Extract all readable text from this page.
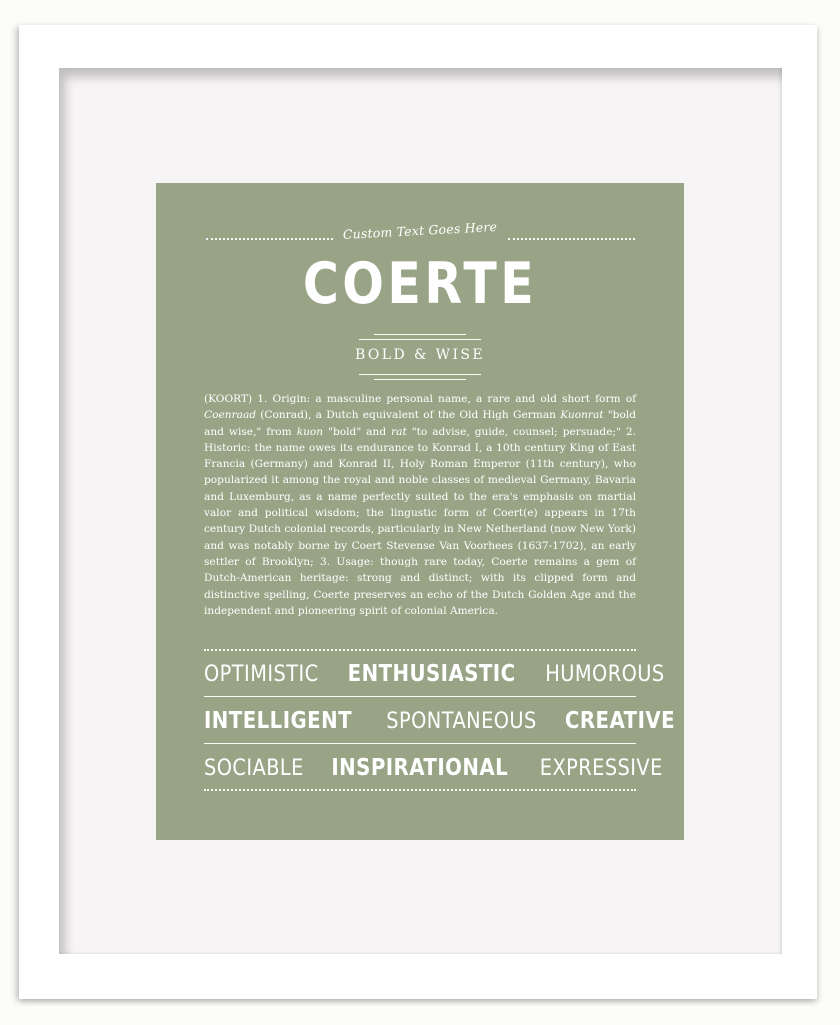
Custom Text Goes Here
COERTE
BOLD & WISE
(KOORT) 1. Origin: a masculine personal name, a rare and old short form of Coenraad (Conrad), a Dutch equivalent of the Old High German Kuonrat "bold and wise," from kuon "bold" and rat "to advise, guide, counsel; persuade;" 2. Historic: the name owes its endurance to Konrad I, a 10th century King of East Francia (Germany) and Konrad II, Holy Roman Emperor (11th century), who popularized it among the royal and noble classes of medieval Germany, Bavaria and Luxemburg, as a name perfectly suited to the era's emphasis on martial valor and political wisdom; the lingustic form of Coert(e) appears in 17th century Dutch colonial records, particularly in New Netherland (now New York) and was notably borne by Coert Stevense Van Voorhees (1637-1702), an early settler of Brooklyn; 3. Usage: though rare today, Coerte remains a gem of Dutch-American heritage: strong and distinct; with its clipped form and distinctive spelling, Coerte preserves an echo of the Dutch Golden Age and the independent and pioneering spirit of colonial America.
OPTIMISTIC ENTHUSIASTIC HUMOROUS
INTELLIGENT SPONTANEOUS CREATIVE
SOCIABLE INSPIRATIONAL EXPRESSIVE
